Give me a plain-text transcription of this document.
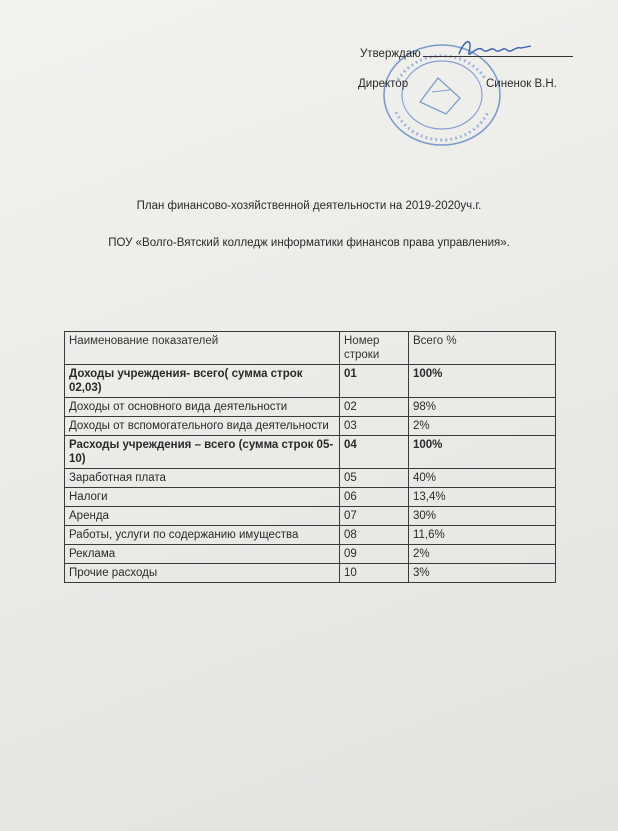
Утверждаю
Директор	Синенок В.Н.
План финансово-хозяйственной деятельности на 2019-2020уч.г.
ПОУ «Волго-Вятский колледж информатики финансов права управления».
Наименование показателей	Номер строки	Всего %
Доходы учреждения- всего( сумма строк 02,03)	01	100%
Доходы от основного вида деятельности	02	98%
Доходы от вспомогательного вида деятельности	03	2%
Расходы учреждения – всего (сумма строк 05-10)	04	100%
Заработная плата	05	40%
Налоги	06	13,4%
Аренда	07	30%
Работы, услуги по содержанию имущества	08	11,6%
Реклама	09	2%
Прочие расходы	10	3%
